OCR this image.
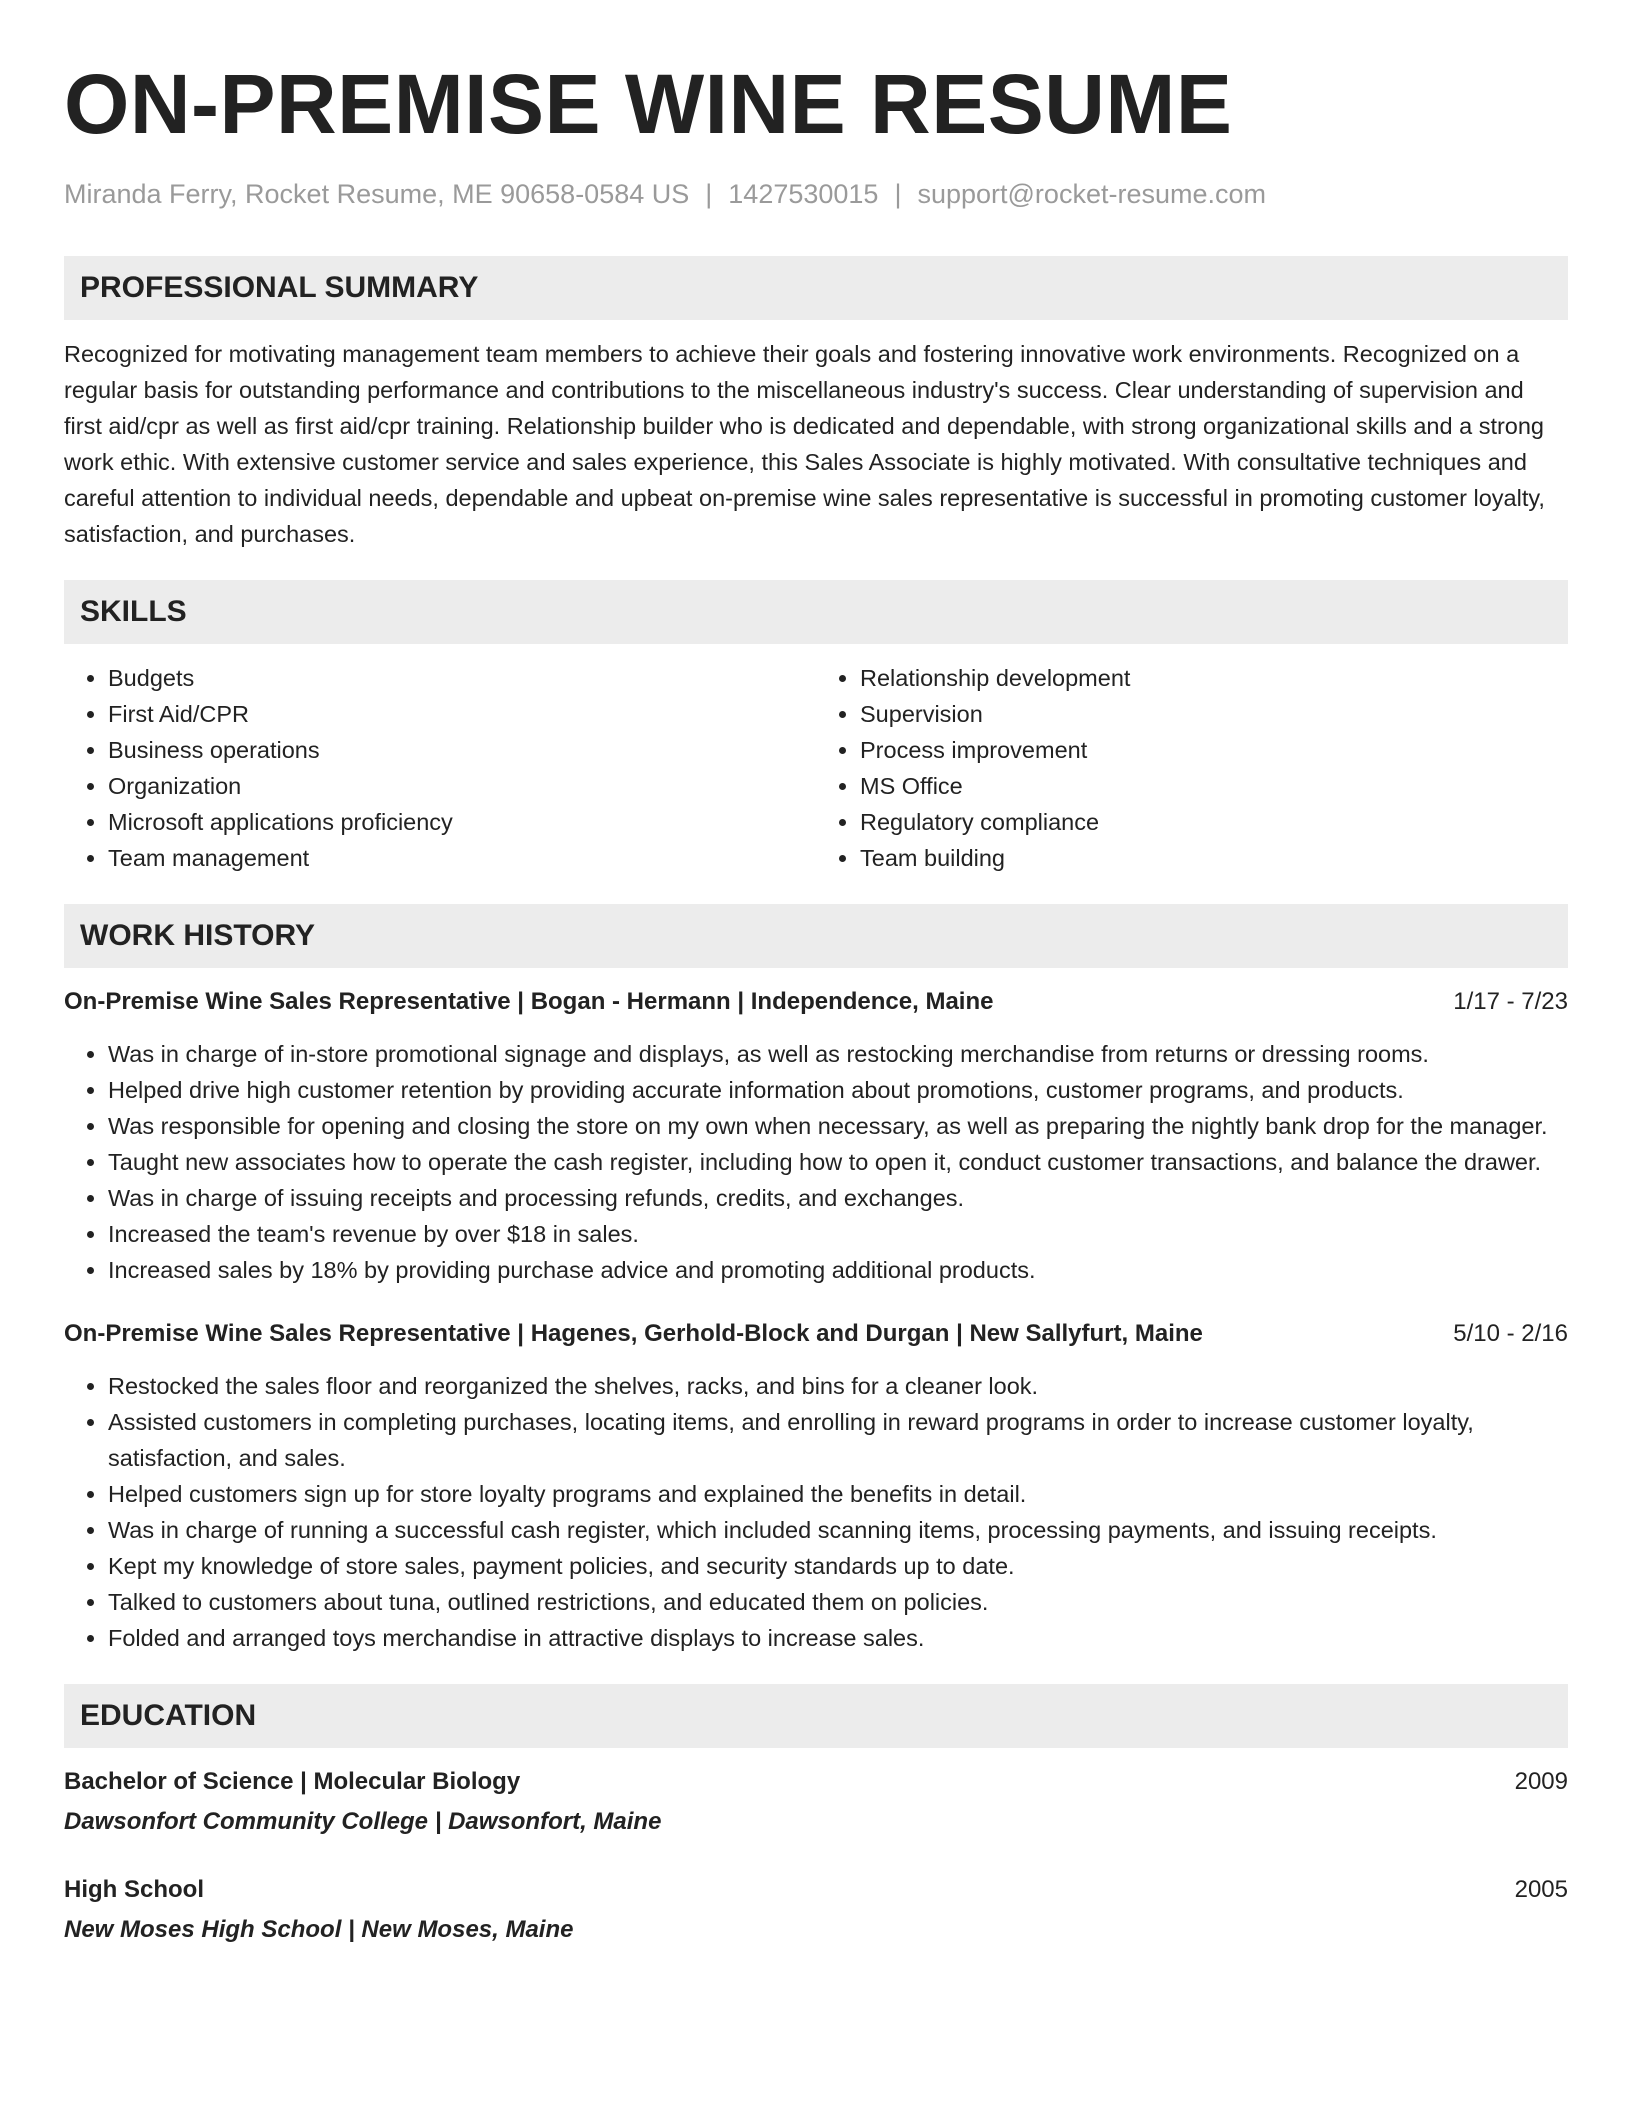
ON-PREMISE WINE RESUME
Miranda Ferry, Rocket Resume, ME 90658-0584 US | 1427530015 | support@rocket-resume.com
PROFESSIONAL SUMMARY
Recognized for motivating management team members to achieve their goals and fostering innovative work environments. Recognized on a regular basis for outstanding performance and contributions to the miscellaneous industry's success. Clear understanding of supervision and first aid/cpr as well as first aid/cpr training. Relationship builder who is dedicated and dependable, with strong organizational skills and a strong work ethic. With extensive customer service and sales experience, this Sales Associate is highly motivated. With consultative techniques and careful attention to individual needs, dependable and upbeat on-premise wine sales representative is successful in promoting customer loyalty, satisfaction, and purchases.
SKILLS
• Budgets
• First Aid/CPR
• Business operations
• Organization
• Microsoft applications proficiency
• Team management
• Relationship development
• Supervision
• Process improvement
• MS Office
• Regulatory compliance
• Team building
WORK HISTORY
On-Premise Wine Sales Representative | Bogan - Hermann | Independence, Maine	1/17 - 7/23
• Was in charge of in-store promotional signage and displays, as well as restocking merchandise from returns or dressing rooms.
• Helped drive high customer retention by providing accurate information about promotions, customer programs, and products.
• Was responsible for opening and closing the store on my own when necessary, as well as preparing the nightly bank drop for the manager.
• Taught new associates how to operate the cash register, including how to open it, conduct customer transactions, and balance the drawer.
• Was in charge of issuing receipts and processing refunds, credits, and exchanges.
• Increased the team's revenue by over $18 in sales.
• Increased sales by 18% by providing purchase advice and promoting additional products.
On-Premise Wine Sales Representative | Hagenes, Gerhold-Block and Durgan | New Sallyfurt, Maine	5/10 - 2/16
• Restocked the sales floor and reorganized the shelves, racks, and bins for a cleaner look.
• Assisted customers in completing purchases, locating items, and enrolling in reward programs in order to increase customer loyalty, satisfaction, and sales.
• Helped customers sign up for store loyalty programs and explained the benefits in detail.
• Was in charge of running a successful cash register, which included scanning items, processing payments, and issuing receipts.
• Kept my knowledge of store sales, payment policies, and security standards up to date.
• Talked to customers about tuna, outlined restrictions, and educated them on policies.
• Folded and arranged toys merchandise in attractive displays to increase sales.
EDUCATION
Bachelor of Science | Molecular Biology	2009
Dawsonfort Community College | Dawsonfort, Maine
High School	2005
New Moses High School | New Moses, Maine
